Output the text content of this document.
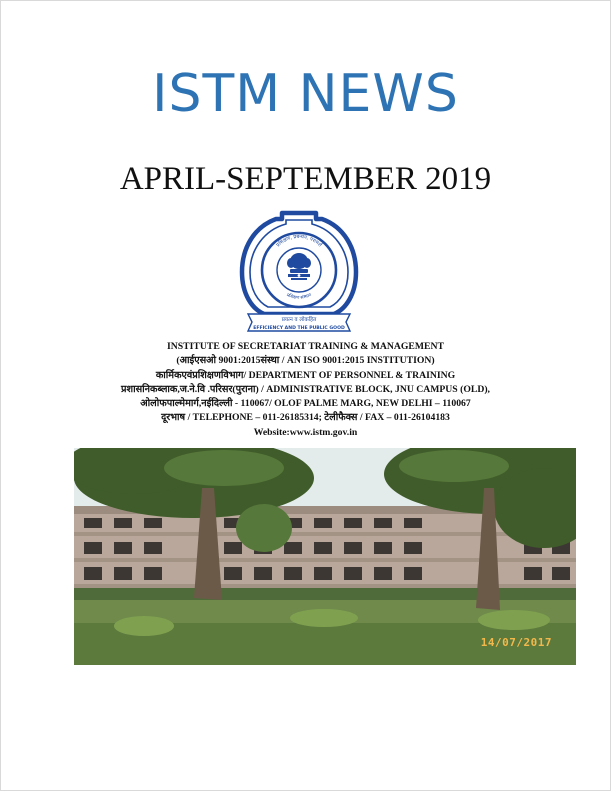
ISTM NEWS
APRIL-SEPTEMBER 2019
प्रशिक्षण, प्रबन्धन, परामर्श
प्रशिक्षण संस्थान
प्रयत्न व लोकहित
EFFICIENCY AND THE PUBLIC GOOD
INSTITUTE OF SECRETARIAT TRAINING & MANAGEMENT
(आईएसओ 9001:2015संस्था / AN ISO 9001:2015 INSTITUTION)
कार्मिकएवंप्रशिक्षणविभाग/ DEPARTMENT OF PERSONNEL & TRAINING
प्रशासनिकब्लाक,ज.ने.वि .परिसर(पुराना) / ADMINISTRATIVE BLOCK, JNU CAMPUS (OLD),
ओलोफपाल्मेमार्ग,नईदिल्ली - 110067/ OLOF PALME MARG, NEW DELHI – 110067
दूरभाष / TELEPHONE – 011-26185314; टेलीफैक्स / FAX – 011-26104183
Website:www.istm.gov.in
14/07/2017
